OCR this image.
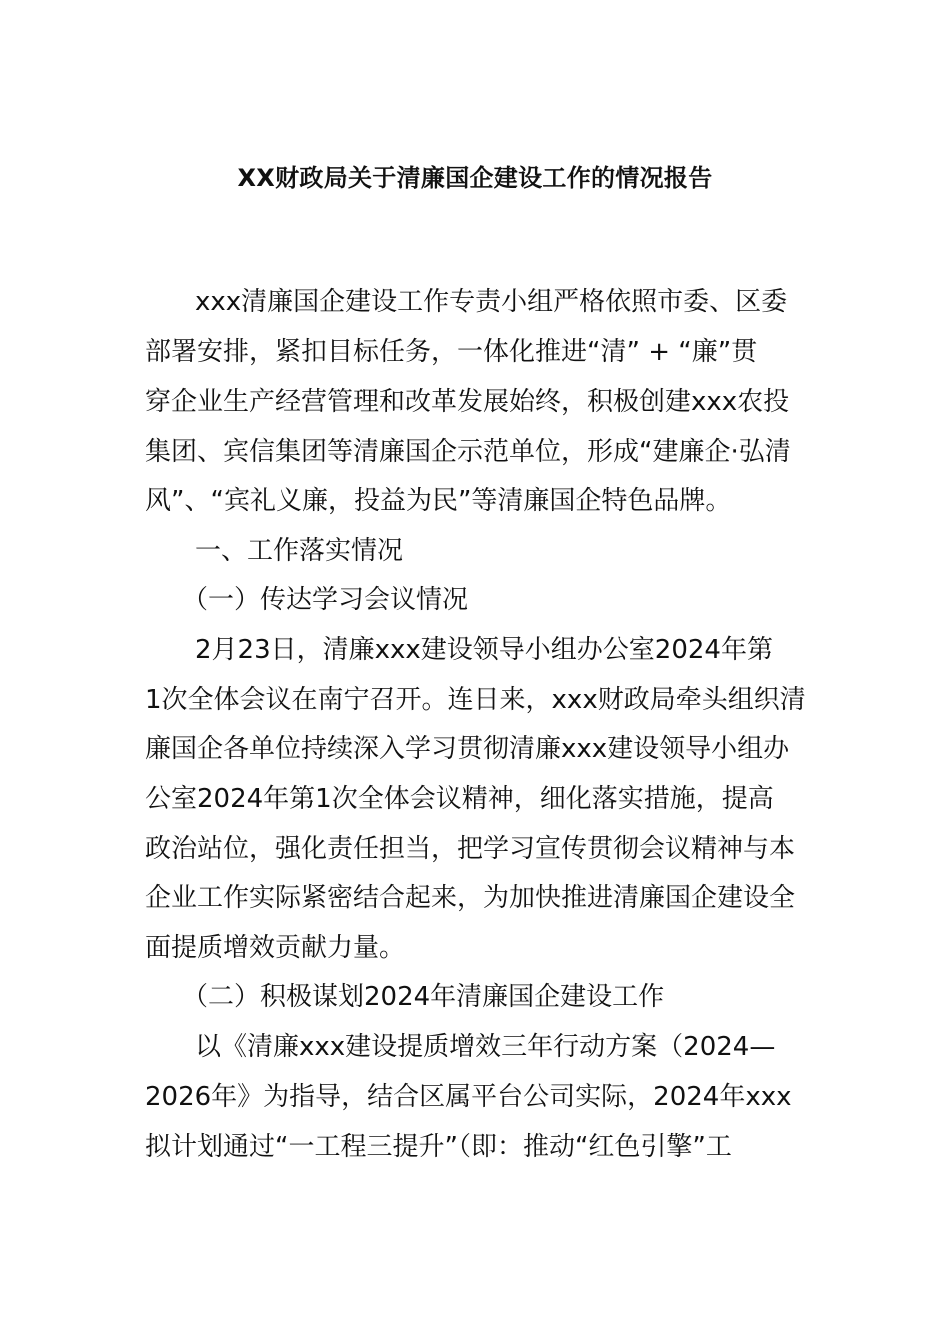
XX财政局关于清廉国企建设工作的情况报告
xxx清廉国企建设工作专责小组严格依照市委、区委
部署安排，紧扣目标任务，一体化推进“清” + “廉”贯
穿企业生产经营管理和改革发展始终，积极创建xxx农投
集团、宾信集团等清廉国企示范单位，形成“建廉企·弘清
风”、“宾礼义廉，投益为民”等清廉国企特色品牌。
一、工作落实情况
（一）传达学习会议情况
2月23日，清廉xxx建设领导小组办公室2024年第
1次全体会议在南宁召开。连日来，xxx财政局牵头组织清
廉国企各单位持续深入学习贯彻清廉xxx建设领导小组办
公室2024年第1次全体会议精神，细化落实措施，提高
政治站位，强化责任担当，把学习宣传贯彻会议精神与本
企业工作实际紧密结合起来，为加快推进清廉国企建设全
面提质增效贡献力量。
（二）积极谋划2024年清廉国企建设工作
以《清廉xxx建设提质增效三年行动方案（2024—
2026年》为指导，结合区属平台公司实际，2024年xxx
拟计划通过“一工程三提升”（即：推动“红色引擎”工
